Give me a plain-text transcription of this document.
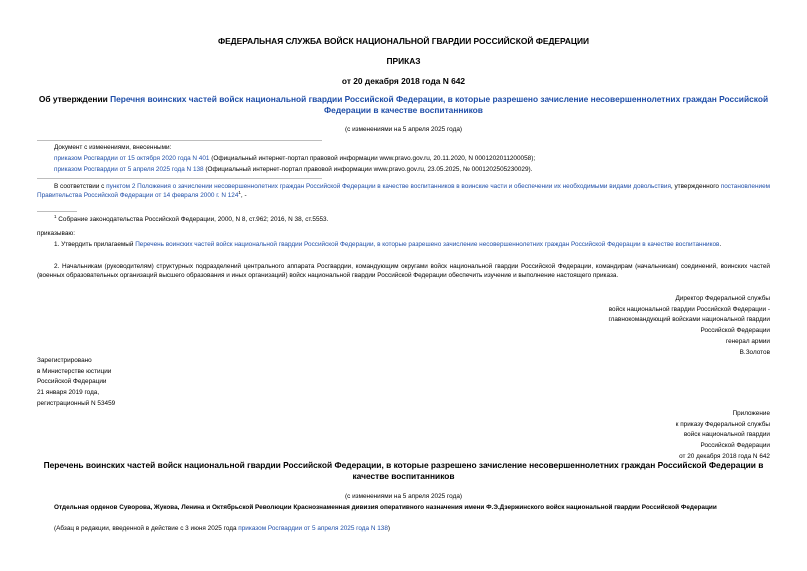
ФЕДЕРАЛЬНАЯ СЛУЖБА ВОЙСК НАЦИОНАЛЬНОЙ ГВАРДИИ РОССИЙСКОЙ ФЕДЕРАЦИИ
ПРИКАЗ
от 20 декабря 2018 года N 642
Об утверждении Перечня воинских частей войск национальной гвардии Российской Федерации, в которые разрешено зачисление несовершеннолетних граждан Российской Федерации в качестве воспитанников
(с изменениями на 5 апреля 2025 года)
Документ с изменениями, внесенными:
приказом Росгвардии от 15 октября 2020 года N 401 (Официальный интернет-портал правовой информации www.pravo.gov.ru, 20.11.2020, N 0001202011200058);
приказом Росгвардии от 5 апреля 2025 года N 138 (Официальный интернет-портал правовой информации www.pravo.gov.ru, 23.05.2025, № 0001202505230029).
В соответствии с пунктом 2 Положения о зачислении несовершеннолетних граждан Российской Федерации в качестве воспитанников в воинские части и обеспечении их необходимыми видами довольствия, утвержденного постановлением Правительства Российской Федерации от 14 февраля 2000 г. N $124^1$, -
$^1$ Собрание законодательства Российской Федерации, 2000, N 8, ст.962; 2016, N 38, ст.5553.
приказываю:
1. Утвердить прилагаемый Перечень воинских частей войск национальной гвардии Российской Федерации, в которые разрешено зачисление несовершеннолетних граждан Российской Федерации в качестве воспитанников.
2. Начальникам (руководителям) структурных подразделений центрального аппарата Росгвардии, командующим округами войск национальной гвардии Российской Федерации, командирам (начальникам) соединений, воинских частей (военных образовательных организаций высшего образования и иных организаций) войск национальной гвардии Российской Федерации обеспечить изучение и выполнение настоящего приказа.
Директор Федеральной службы
войск национальной гвардии Российской Федерации -
главнокомандующий войсками национальной гвардии
Российской Федерации
генерал армии
В.Золотов
Зарегистрировано
в Министерстве юстиции
Российской Федерации
21 января 2019 года,
регистрационный N 53459
Приложение
к приказу Федеральной службы
войск национальной гвардии
Российской Федерации
от 20 декабря 2018 года N 642
Перечень воинских частей войск национальной гвардии Российской Федерации, в которые разрешено зачисление несовершеннолетних граждан Российской Федерации в качестве воспитанников
(с изменениями на 5 апреля 2025 года)
Отдельная орденов Суворова, Жукова, Ленина и Октябрьской Революции Краснознаменная дивизия оперативного назначения имени Ф.Э.Дзержинского войск национальной гвардии Российской Федерации
(Абзац в редакции, введенной в действие с 3 июня 2025 года приказом Росгвардии от 5 апреля 2025 года N 138)
